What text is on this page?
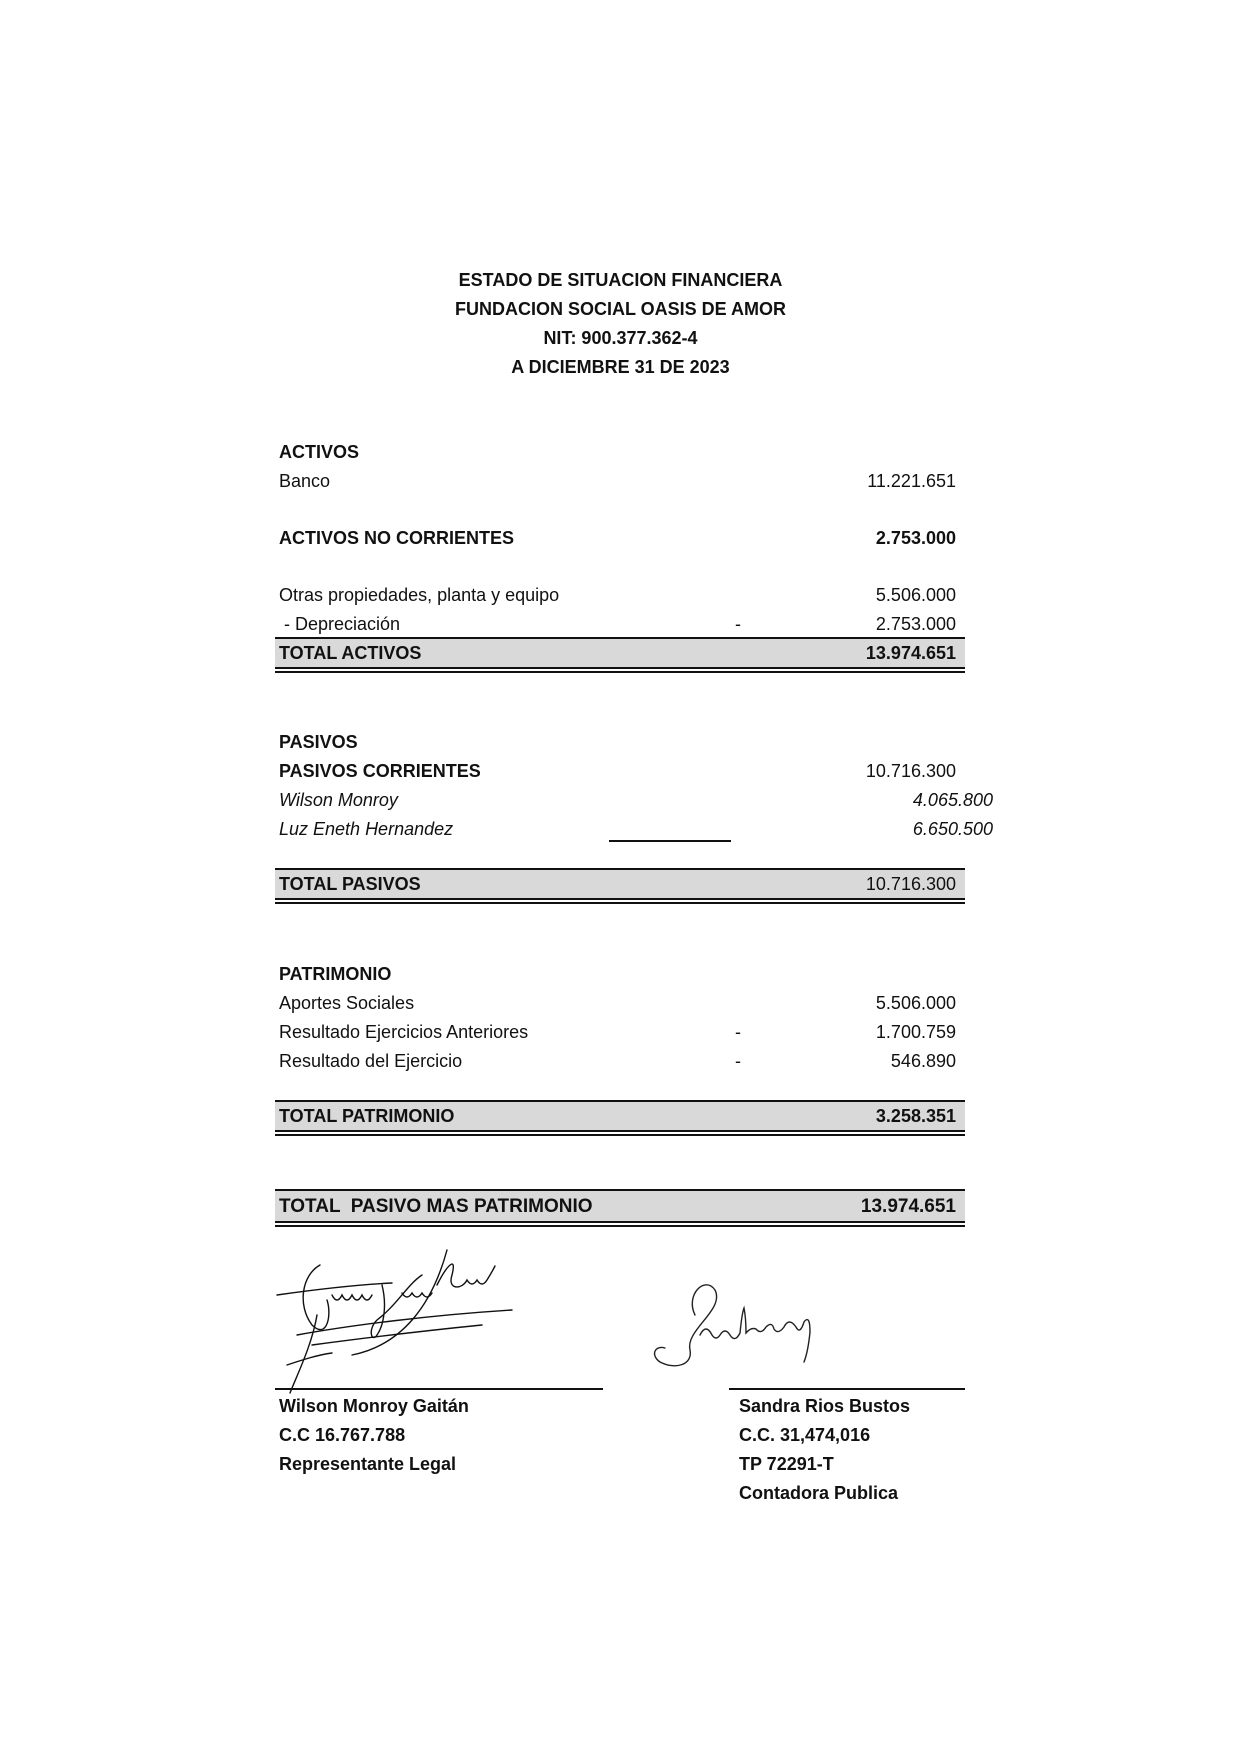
ESTADO DE SITUACION FINANCIERA
FUNDACION SOCIAL OASIS DE AMOR
NIT: 900.377.362-4
A DICIEMBRE 31 DE 2023
ACTIVOS
Banco	11.221.651
ACTIVOS NO CORRIENTES	2.753.000
Otras propiedades, planta y equipo	5.506.000
- Depreciación	-	2.753.000
TOTAL ACTIVOS	13.974.651
PASIVOS
PASIVOS CORRIENTES	10.716.300
Wilson Monroy	4.065.800
Luz Eneth Hernandez	6.650.500
TOTAL PASIVOS	10.716.300
PATRIMONIO
Aportes Sociales	5.506.000
Resultado Ejercicios Anteriores	-	1.700.759
Resultado del Ejercicio	-	546.890
TOTAL PATRIMONIO	3.258.351
TOTAL  PASIVO MAS PATRIMONIO	13.974.651
Wilson Monroy Gaitán
C.C 16.767.788
Representante Legal
Sandra Rios Bustos
C.C. 31,474,016
TP 72291-T
Contadora Publica
